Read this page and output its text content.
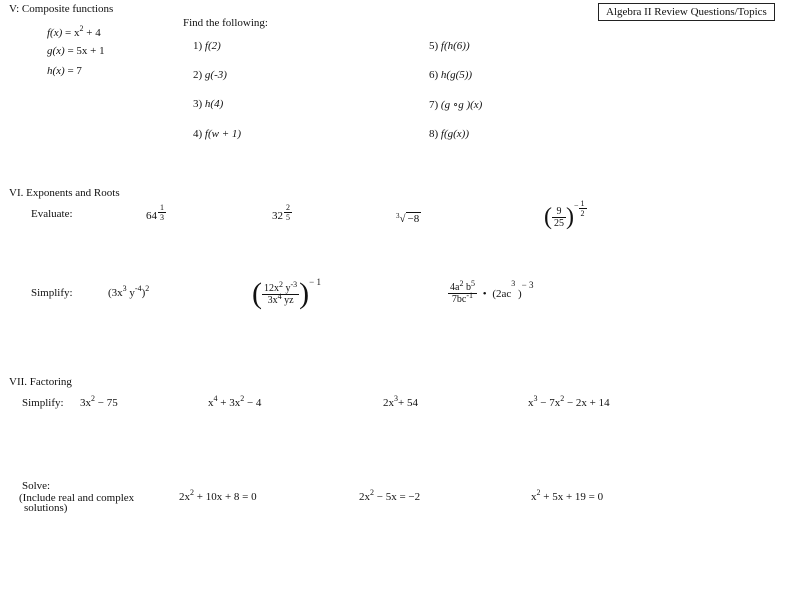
Algebra II Review Questions/Topics
V: Composite functions
$f(x) = x^2 + 4$
g(x) = 5x + 1
h(x) = 7
Find the following:
1) f(2)
2) g(-3)
3) h(4)
4) f(w + 1)
5) f(h(6))
6) h(g(5))
7) (g ∘g )(x)
8) f(g(x))
VI. Exponents and Roots
Evaluate:	$64 \frac{1}{3}$	$32 \frac{2}{5}$	$^3$√ −8	( $\frac{9}{25} )^- \frac{1}{2}$
Simplify:	($3x^3$ $y^{-4})^2$	( $\frac{12x^2 y^{-3}}{3x^4 yz} )^{- 1}$	$\frac{4a^2 b^5}{7bc^{-1}}$ • ($2ac^3$ )$^{- 3}$
VII. Factoring
Simplify: $3x^2 - 75$	$x^4 + 3x^2 - 4$	$2x^3+ 54$	$x^3 - 7x^2 - 2x + 14$
Solve:
(Include real and complex
solutions)
$2x^2 + 10x + 8 = 0$	$2x^2 - 5x = -2$	$x^2 + 5x + 19 = 0$
